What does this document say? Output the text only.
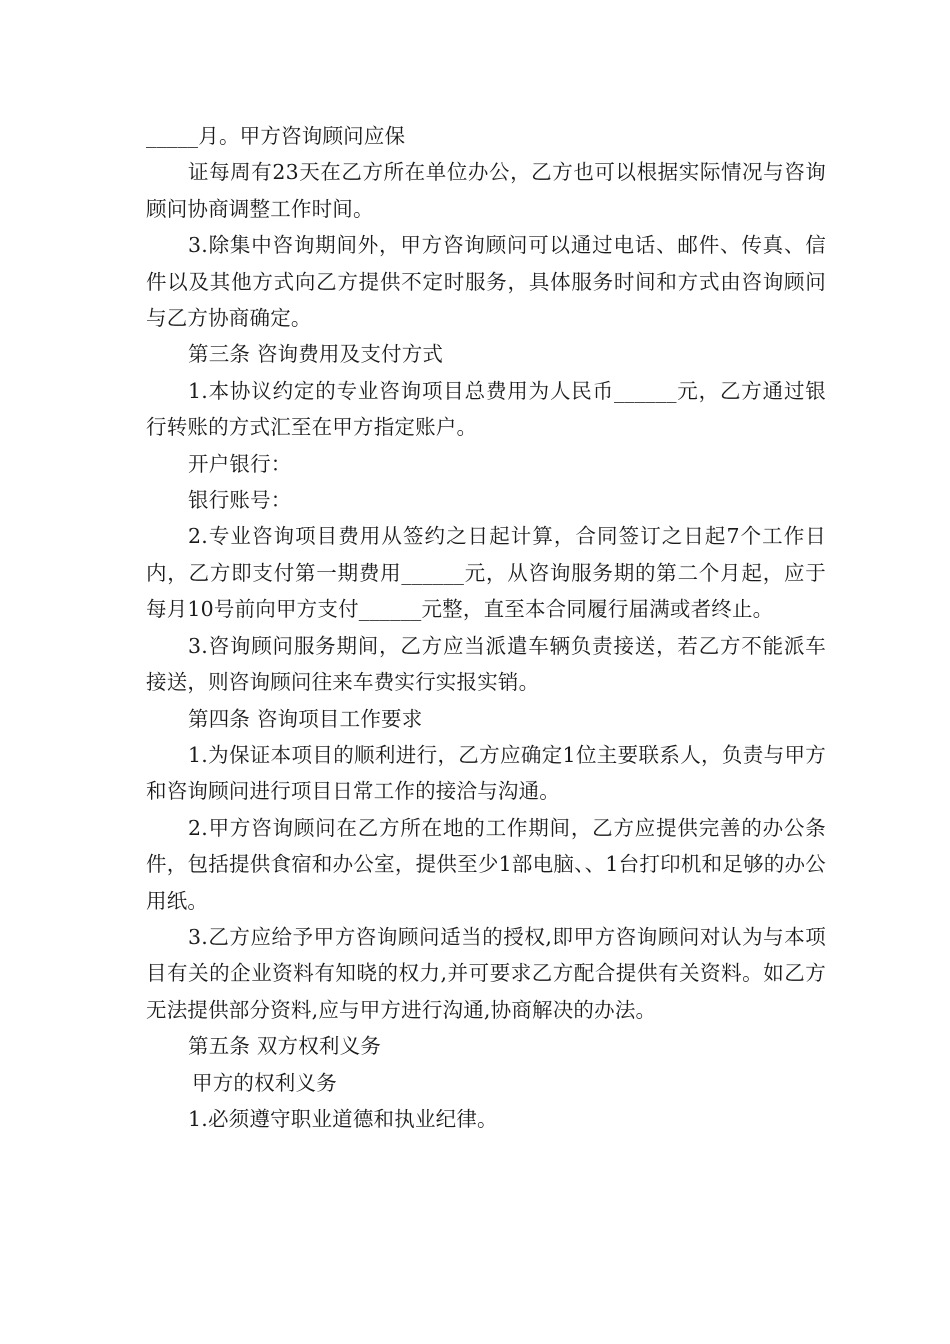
_____月。甲方咨询顾问应保

证每周有23天在乙方所在单位办公，乙方也可以根据实际情况与咨询顾问协商调整工作时间。

3.除集中咨询期间外，甲方咨询顾问可以通过电话、邮件、传真、信件以及其他方式向乙方提供不定时服务，具体服务时间和方式由咨询顾问与乙方协商确定。

第三条 咨询费用及支付方式

1.本协议约定的专业咨询项目总费用为人民币______元，乙方通过银行转账的方式汇至在甲方指定账户。

开户银行：

银行账号：

2.专业咨询项目费用从签约之日起计算，合同签订之日起7个工作日内，乙方即支付第一期费用______元，从咨询服务期的第二个月起，应于每月10号前向甲方支付______元整，直至本合同履行届满或者终止。

3.咨询顾问服务期间，乙方应当派遣车辆负责接送，若乙方不能派车接送，则咨询顾问往来车费实行实报实销。

第四条 咨询项目工作要求

1.为保证本项目的顺利进行，乙方应确定1位主要联系人，负责与甲方和咨询顾问进行项目日常工作的接洽与沟通。

2.甲方咨询顾问在乙方所在地的工作期间，乙方应提供完善的办公条件，包括提供食宿和办公室，提供至少1部电脑、、1台打印机和足够的办公用纸。

3.乙方应给予甲方咨询顾问适当的授权,即甲方咨询顾问对认为与本项目有关的企业资料有知晓的权力,并可要求乙方配合提供有关资料。如乙方无法提供部分资料,应与甲方进行沟通,协商解决的办法。

第五条 双方权利义务

甲方的权利义务

1.必须遵守职业道德和执业纪律。
